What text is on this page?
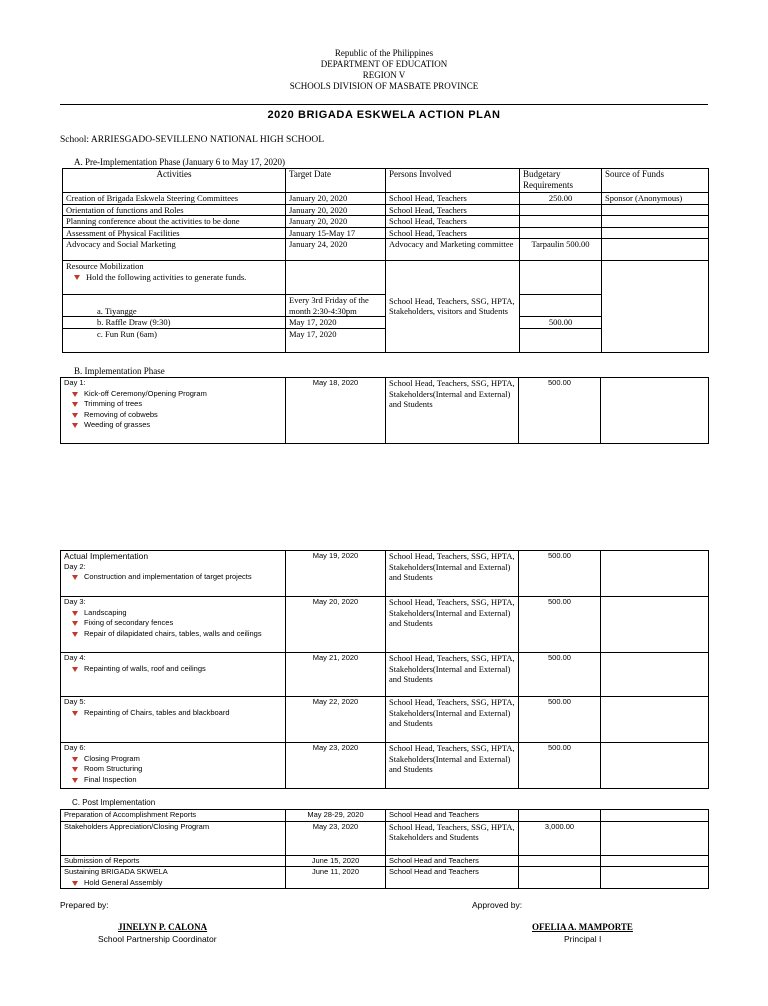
Republic of the Philippines
DEPARTMENT OF EDUCATION
REGION V
SCHOOLS DIVISION OF MASBATE PROVINCE
2020 BRIGADA ESKWELA ACTION PLAN
School: ARRIESGADO-SEVILLENO NATIONAL HIGH SCHOOL
A. Pre-Implementation Phase (January 6 to May 17, 2020)
Activities	Target Date	Persons Involved	Budgetary Requirements	Source of Funds
Creation of Brigada Eskwela Steering Committees	January 20, 2020	School Head, Teachers	250.00	Sponsor (Anonymous)
Orientation of functions and Roles	January 20, 2020	School Head, Teachers		
Planning conference about the activities to be done	January 20, 2020	School Head, Teachers		
Assessment of Physical Facilities	January 15-May 17	School Head, Teachers		
Advocacy and Social Marketing	January 24, 2020	Advocacy and Marketing committee	Tarpaulin 500.00	

Resource Mobilization
Hold the following activities to generate funds.		School Head, Teachers, SSG, HPTA, Stakeholders, visitors and Students		
a. Tiyangge	Every 3rd Friday of the month 2:30-4:30pm			
b. Raffle Draw (9:30)	May 17, 2020		500.00	
c. Fun Run (6am)	May 17, 2020			
B. Implementation Phase
Day 1:
Kick-off Ceremony/Opening Program
Trimming of trees
Removing of cobwebs
Weeding of grasses
	May 18, 2020	School Head, Teachers, SSG, HPTA, Stakeholders(Internal and External) and Students	500.00	
Actual Implementation
Day 2:
Construction and implementation of target projects	May 19, 2020	School Head, Teachers, SSG, HPTA, Stakeholders(Internal and External) and Students	500.00	

Day 3:
Landscaping
Fixing of secondary fences
Repair of dilapidated chairs, tables, walls and ceilings	May 20, 2020	School Head, Teachers, SSG, HPTA, Stakeholders(Internal and External) and Students	500.00	

Day 4:
Repainting of walls, roof and ceilings	May 21, 2020	School Head, Teachers, SSG, HPTA, Stakeholders(Internal and External) and Students	500.00	

Day 5:
Repainting of Chairs, tables and blackboard	May 22, 2020	School Head, Teachers, SSG, HPTA, Stakeholders(Internal and External) and Students	500.00	

Day 6:
Closing Program
Room Structuring
Final Inspection	May 23, 2020	School Head, Teachers, SSG, HPTA, Stakeholders(Internal and External) and Students	500.00	
C. Post Implementation
Preparation of Accomplishment Reports	May 28-29, 2020	School Head and Teachers		
Stakeholders Appreciation/Closing Program	May 23, 2020	School Head, Teachers, SSG, HPTA, Stakeholders and Students	3,000.00	
Submission of Reports	June 15, 2020	School Head and Teachers		

Sustaining BRIGADA SKWELA
Hold General Assembly	June 11, 2020	School Head and Teachers		
Prepared by:	Approved by:
JINELYN P. CALONA
School Partnership Coordinator
OFELIA A. MAMPORTE
Principal I
